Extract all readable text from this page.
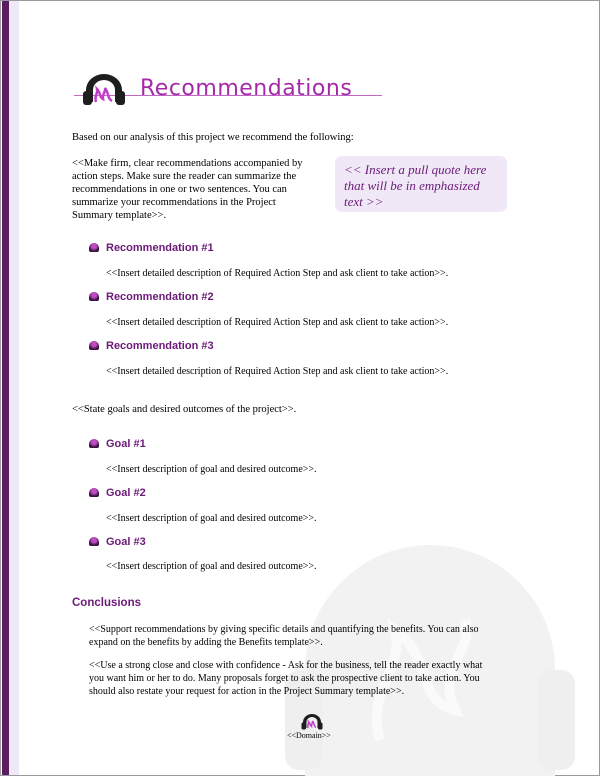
Recommendations

Based on our analysis of this project we recommend the following:

<<Make firm, clear recommendations accompanied by
action steps. Make sure the reader can summarize the
recommendations in one or two sentences. You can
summarize your recommendations in the Project
Summary template>>.
<< Insert a pull quote here
that will be in emphasized
text >>
Recommendation #1
<<Insert detailed description of Required Action Step and ask client to take action>>.
Recommendation #2
<<Insert detailed description of Required Action Step and ask client to take action>>.
Recommendation #3
<<Insert detailed description of Required Action Step and ask client to take action>>.

<<State goals and desired outcomes of the project>>.

Goal #1
<<Insert description of goal and desired outcome>>.
Goal #2
<<Insert description of goal and desired outcome>>.
Goal #3
<<Insert description of goal and desired outcome>>.
Conclusions
<<Support recommendations by giving specific details and quantifying the benefits. You can also
expand on the benefits by adding the Benefits template>>.
<<Use a strong close and close with confidence - Ask for the business, tell the reader exactly what
you want him or her to do. Many proposals forget to ask the prospective client to take action. You
should also restate your request for action in the Project Summary template>>.
<<Domain>>
